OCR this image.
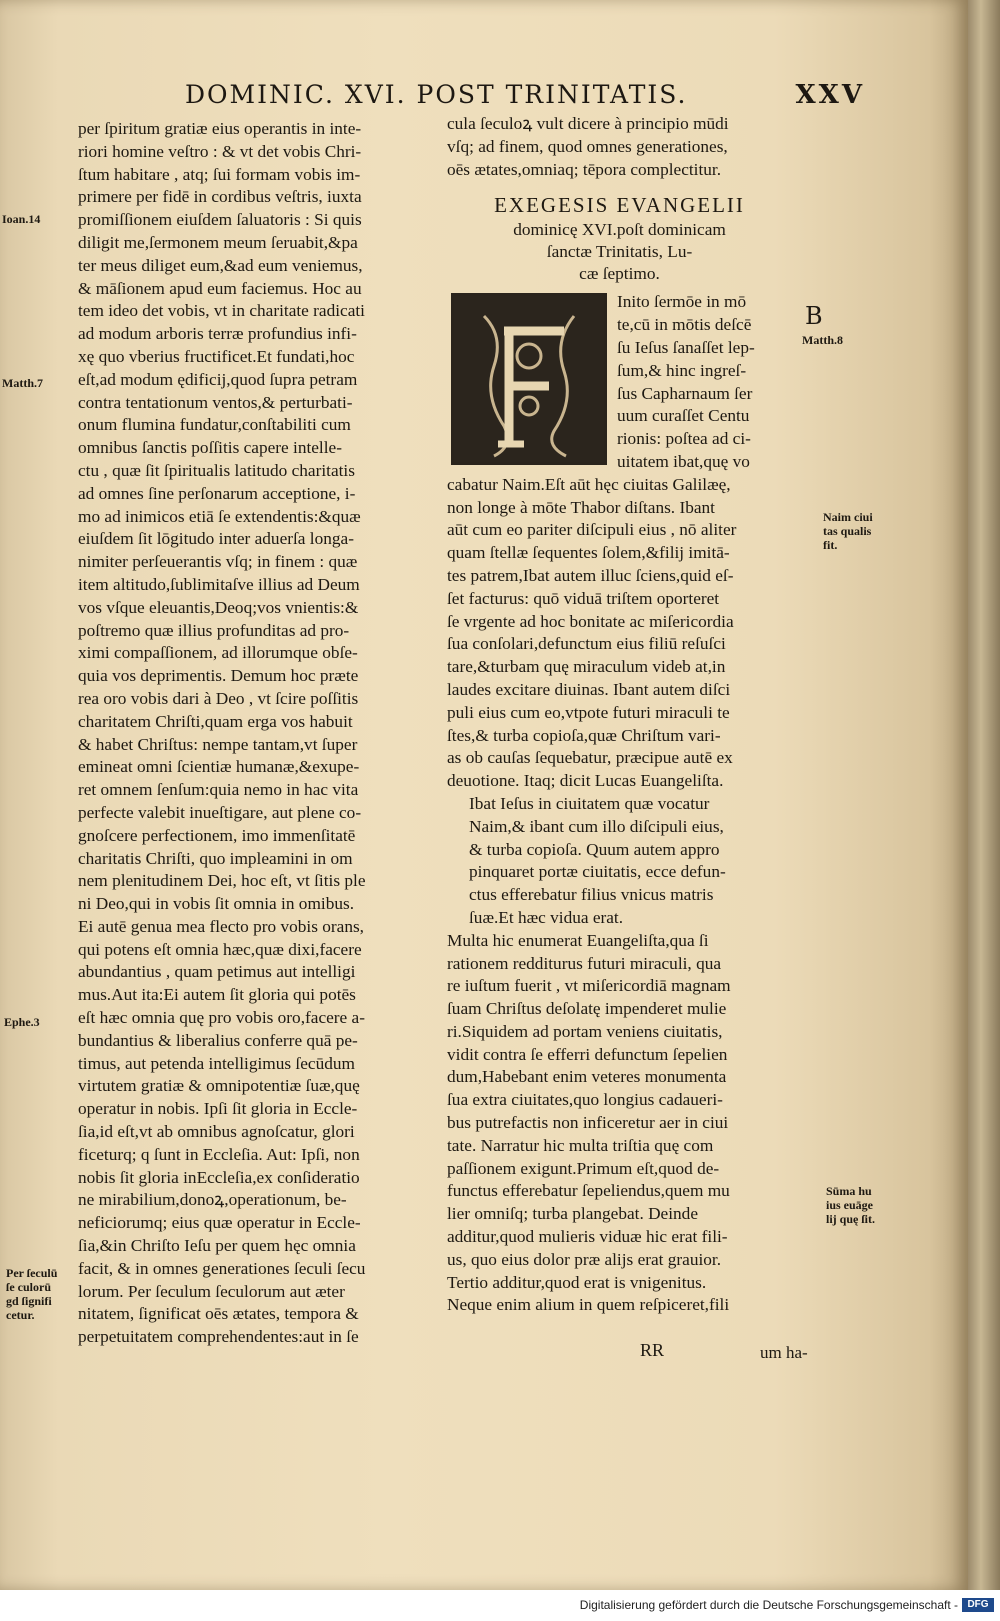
DOMINIC. XVI. POST TRINITATIS.	XXV
per ſpiritum gratiæ eius operantis in inte-
riori homine veſtro : & vt det vobis Chri-
ſtum habitare , atq; ſui formam vobis im-
primere per fidē in cordibus veſtris, iuxta
promiſſionem eiuſdem ſaluatoris : Si quis
diligit me,ſermonem meum ſeruabit,&pa
ter meus diliget eum,&ad eum veniemus,
& māſionem apud eum faciemus. Hoc au
tem ideo det vobis, vt in charitate radicati
ad modum arboris terræ profundius infi-
xę quo vberius fructificet.Et fundati,hoc
eſt,ad modum ędificij,quod ſupra petram
contra tentationum ventos,& perturbati-
onum flumina fundatur,conſtabiliti cum
omnibus ſanctis poſſitis capere intelle-
ctu , quæ ſit ſpiritualis latitudo charitatis
ad omnes ſine perſonarum acceptione, i-
mo ad inimicos etiā ſe extendentis:&quæ
eiuſdem ſit lōgitudo inter aduerſa longa-
nimiter perſeuerantis vſq; in finem : quæ
item altitudo,ſublimitaſve illius ad Deum
vos vſque eleuantis,Deoq;vos vnientis:&
poſtremo quæ illius profunditas ad pro-
ximi compaſſionem, ad illorumque obſe-
quia vos deprimentis. Demum hoc præte
rea oro vobis dari à Deo , vt ſcire poſſitis
charitatem Chriſti,quam erga vos habuit
& habet Chriſtus: nempe tantam,vt ſuper
emineat omni ſcientiæ humanæ,&exupe-
ret omnem ſenſum:quia nemo in hac vita
perfecte valebit inueſtigare, aut plene co-
gnoſcere perfectionem, imo immenſitatē
charitatis Chriſti, quo impleamini in om
nem plenitudinem Dei, hoc eſt, vt ſitis ple
ni Deo,qui in vobis ſit omnia in omibus.
Ei autē genua mea flecto pro vobis orans,
qui potens eſt omnia hæc,quæ dixi,facere
abundantius , quam petimus aut intelligi
mus.Aut ita:Ei autem ſit gloria qui potēs
eſt hæc omnia quę pro vobis oro,facere a-
bundantius & liberalius conferre quā pe-
timus, aut petenda intelligimus ſecūdum
virtutem gratiæ & omnipotentiæ ſuæ,quę
operatur in nobis. Ipſi ſit gloria in Eccle-
ſia,id eſt,vt ab omnibus agnoſcatur, glori
ficeturq; q ſunt in Eccleſia. Aut: Ipſi, non
nobis ſit gloria inEccleſia,ex conſideratio
ne mirabilium,donoꝝ,operationum, be-
neficiorumq; eius quæ operatur in Eccle-
ſia,&in Chriſto Ieſu per quem hęc omnia
facit, & in omnes generationes ſeculi ſecu
lorum. Per ſeculum ſeculorum aut æter
nitatem, ſignificat oēs ætates, tempora &
perpetuitatem comprehendentes:aut in ſe
cula ſeculoꝝ vult dicere à principio mūdi
vſq; ad finem, quod omnes generationes,
oēs ætates,omniaq; tēpora complectitur.
EXEGESIS EVANGELII
dominicę XVI.poſt dominicam
ſanctæ Trinitatis, Lu-
cæ ſeptimo.
Inito ſermōe in mō
te,cū in mōtis deſcē
ſu Ieſus ſanaſſet lep-
ſum,& hinc ingreſ-
ſus Capharnaum ſer
uum curaſſet Centu
rionis: poſtea ad ci-
uitatem ibat,quę vo
cabatur Naim.Eſt aūt hęc ciuitas Galilæę,
non longe à mōte Thabor diſtans. Ibant
aūt cum eo pariter diſcipuli eius , nō aliter
quam ſtellæ ſequentes ſolem,&filij imitā-
tes patrem,Ibat autem illuc ſciens,quid eſ-
ſet facturus: quō viduā triſtem oporteret
ſe vrgente ad hoc bonitate ac miſericordia
ſua conſolari,defunctum eius filiū reſuſci
tare,&turbam quę miraculum videb at,in
laudes excitare diuinas. Ibant autem diſci
puli eius cum eo,vtpote futuri miraculi te
ſtes,& turba copioſa,quæ Chriſtum vari-
as ob cauſas ſequebatur, præcipue autē ex
deuotione. Itaq; dicit Lucas Euangeliſta.
Ibat Ieſus in ciuitatem quæ vocatur
Naim,& ibant cum illo diſcipuli eius,
& turba copioſa. Quum autem appro
pinquaret portæ ciuitatis, ecce defun-
ctus efferebatur filius vnicus matris
ſuæ.Et hæc vidua erat.
Multa hic enumerat Euangeliſta,qua ſi
rationem redditurus futuri miraculi, qua
re iuſtum fuerit , vt miſericordiā magnam
ſuam Chriſtus deſolatę impenderet mulie
ri.Siquidem ad portam veniens ciuitatis,
vidit contra ſe efferri defunctum ſepelien
dum,Habebant enim veteres monumenta
ſua extra ciuitates,quo longius cadaueri-
bus putrefactis non inficeretur aer in ciui
tate. Narratur hic multa triſtia quę com
paſſionem exigunt.Primum eſt,quod de-
functus efferebatur ſepeliendus,quem mu
lier omniſq; turba plangebat. Deinde
additur,quod mulieris viduæ hic erat fili-
us, quo eius dolor præ alijs erat grauior.
Tertio additur,quod erat is vnigenitus.
Neque enim alium in quem reſpiceret,fili
Ioan.14
Matth.7
Ephe.3
Per ſeculū
ſe culorū
gd ſignifi
cetur.
B
Matth.8
Naim ciui
tas qualis
fit.
Sūma hu
ius euāge
lij quę ſit.
RR	um ha-
Digitalisierung gefördert durch die Deutsche Forschungsgemeinschaft - DFG
